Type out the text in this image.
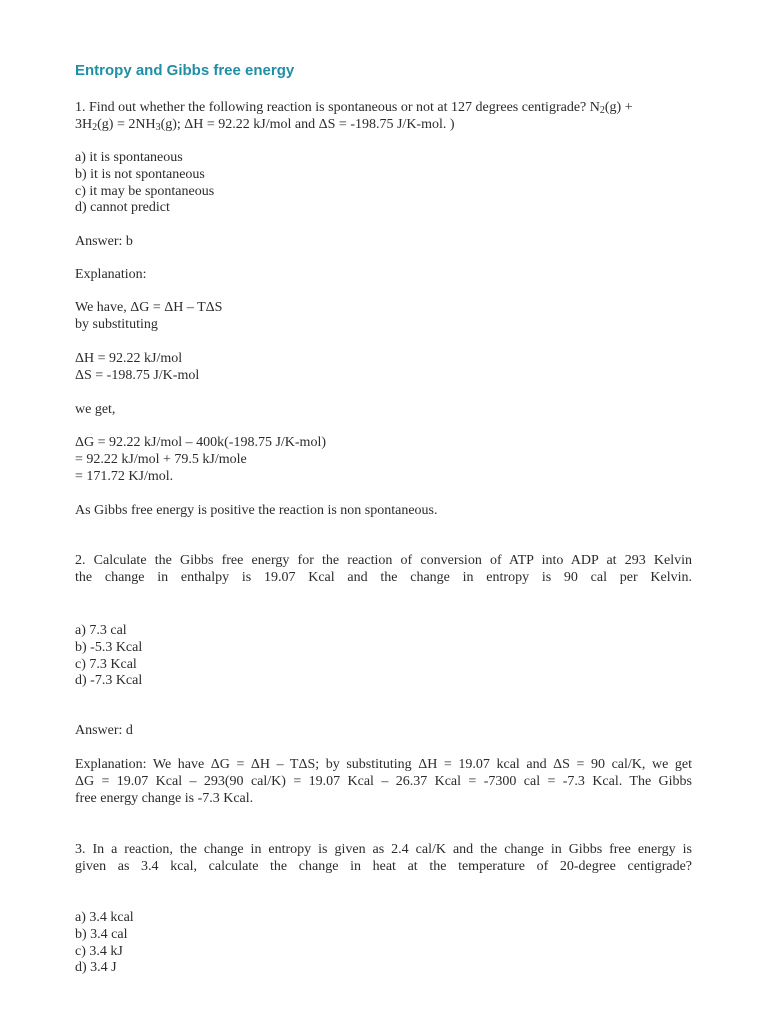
Entropy and Gibbs free energy

1. Find out whether the following reaction is spontaneous or not at 127 degrees centigrade? $N_2(g)$ +
$3H_2(g) = 2NH_3(g)$; ΔH = 92.22 kJ/mol and ΔS = -198.75 J/K-mol. )

a) it is spontaneous
b) it is not spontaneous
c) it may be spontaneous
d) cannot predict

Answer: b

Explanation:

We have, ΔG = ΔH – TΔS
by substituting

ΔH = 92.22 kJ/mol
ΔS = -198.75 J/K-mol

we get,

ΔG = 92.22 kJ/mol – 400k(-198.75 J/K-mol)
= 92.22 kJ/mol + 79.5 kJ/mole
= 171.72 KJ/mol.

As Gibbs free energy is positive the reaction is non spontaneous.

2. Calculate the Gibbs free energy for the reaction of conversion of ATP into ADP at 293 Kelvin
the change in enthalpy is 19.07 Kcal and the change in entropy is 90 cal per Kelvin.

a) 7.3 cal
b) -5.3 Kcal
c) 7.3 Kcal
d) -7.3 Kcal

Answer: d

Explanation: We have ΔG = ΔH – TΔS; by substituting ΔH = 19.07 kcal and ΔS = 90 cal/K, we get
ΔG = 19.07 Kcal – 293(90 cal/K) = 19.07 Kcal – 26.37 Kcal = -7300 cal = -7.3 Kcal. The Gibbs
free energy change is -7.3 Kcal.

3. In a reaction, the change in entropy is given as 2.4 cal/K and the change in Gibbs free energy is
given as 3.4 kcal, calculate the change in heat at the temperature of 20-degree centigrade?

a) 3.4 kcal
b) 3.4 cal
c) 3.4 kJ
d) 3.4 J
